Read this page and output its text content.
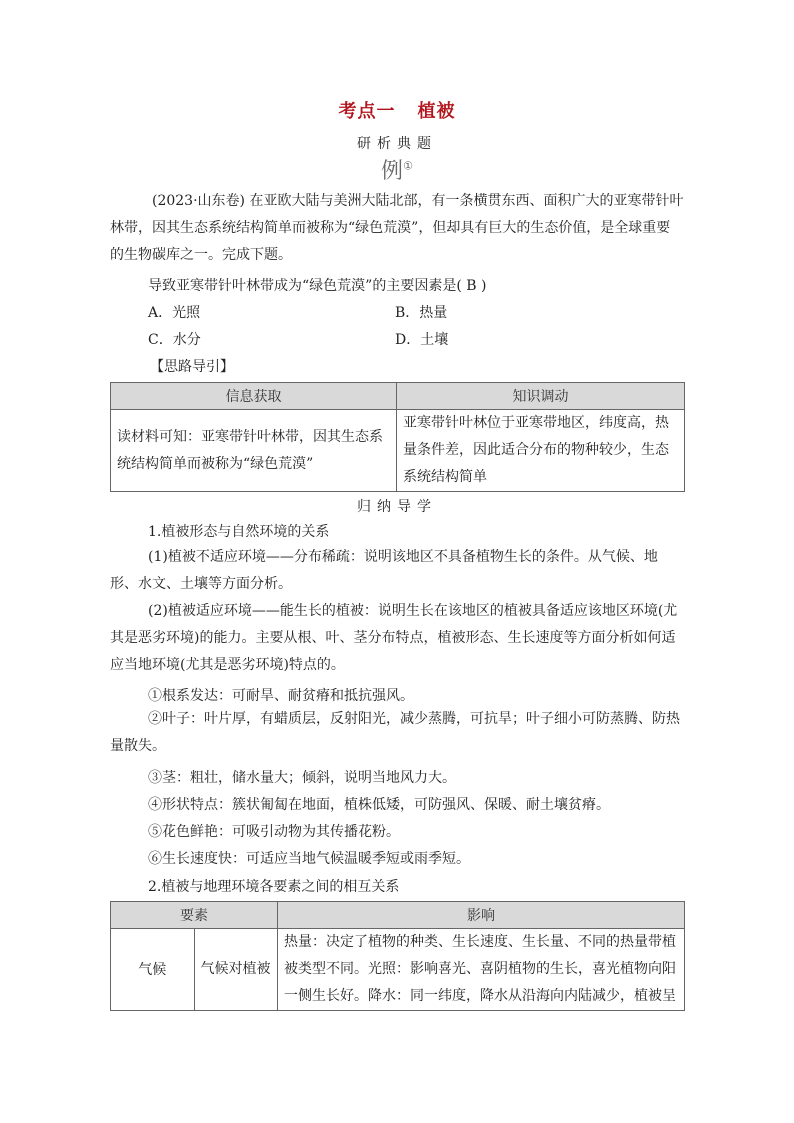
考点一 植被
研析典题
例①
(2023·山东卷) 在亚欧大陆与美洲大陆北部，有一条横贯东西、面积广大的亚寒带针叶林带，因其生态系统结构简单而被称为“绿色荒漠”，但却具有巨大的生态价值，是全球重要的生物碳库之一。完成下题。
导致亚寒带针叶林带成为“绿色荒漠”的主要因素是( B )
A．光照	B．热量
C．水分	D．土壤
【思路导引】
信息获取	知识调动
读材料可知：亚寒带针叶林带，因其生态系统结构简单而被称为“绿色荒漠”	亚寒带针叶林位于亚寒带地区，纬度高，热量条件差，因此适合分布的物种较少，生态系统结构简单
归纳导学
1.植被形态与自然环境的关系
(1)植被不适应环境——分布稀疏：说明该地区不具备植物生长的条件。从气候、地形、水文、土壤等方面分析。
(2)植被适应环境——能生长的植被：说明生长在该地区的植被具备适应该地区环境(尤其是恶劣环境)的能力。主要从根、叶、茎分布特点，植被形态、生长速度等方面分析如何适应当地环境(尤其是恶劣环境)特点的。
①根系发达：可耐旱、耐贫瘠和抵抗强风。
②叶子：叶片厚，有蜡质层，反射阳光，减少蒸腾，可抗旱；叶子细小可防蒸腾、防热量散失。
③茎：粗壮，储水量大；倾斜，说明当地风力大。
④形状特点：簇状匍匐在地面，植株低矮，可防强风、保暖、耐土壤贫瘠。
⑤花色鲜艳：可吸引动物为其传播花粉。
⑥生长速度快：可适应当地气候温暖季短或雨季短。
2.植被与地理环境各要素之间的相互关系
要素		影响
气候	气候对植被	热量：决定了植物的种类、生长速度、生长量、不同的热量带植被类型不同。光照：影响喜光、喜阴植物的生长，喜光植物向阳一侧生长好。降水：同一纬度，降水从沿海向内陆减少，植被呈
